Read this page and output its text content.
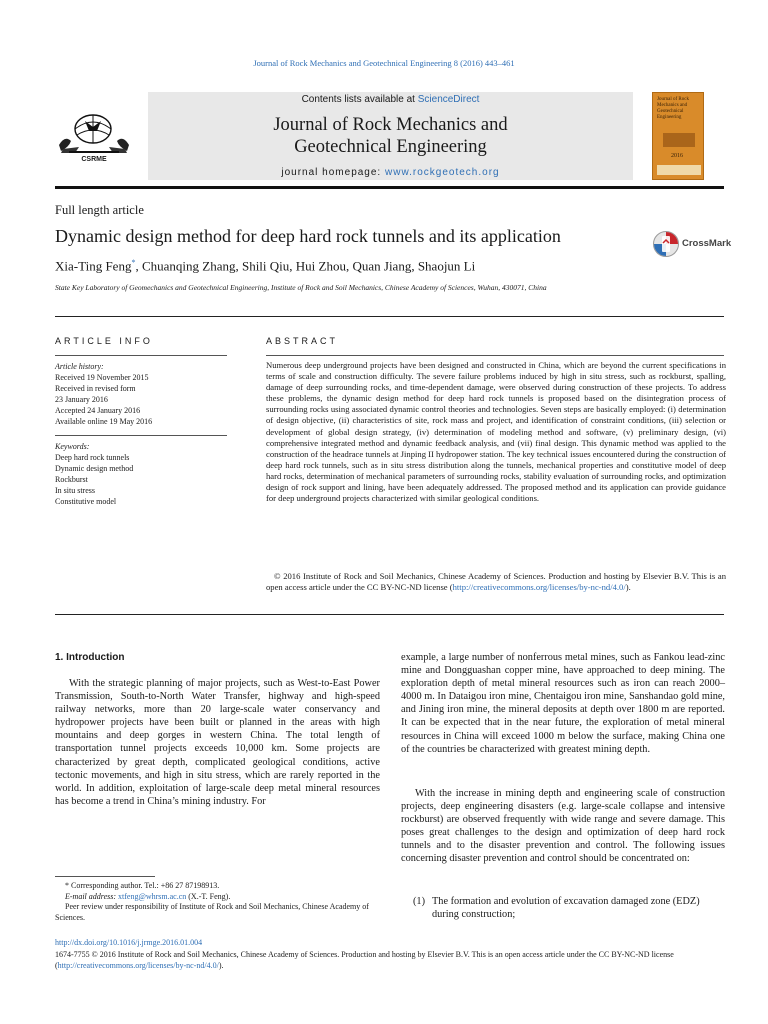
Journal of Rock Mechanics and Geotechnical Engineering 8 (2016) 443–461
CSRME
Contents lists available at ScienceDirect
Journal of Rock Mechanics and
Geotechnical Engineering
journal homepage: www.rockgeotech.org
Journal of Rock Mechanics and Geotechnical Engineering
2016
Full length article
Dynamic design method for deep hard rock tunnels and its application	CrossMark
Xia-Ting Feng*, Chuanqing Zhang, Shili Qiu, Hui Zhou, Quan Jiang, Shaojun Li
State Key Laboratory of Geomechanics and Geotechnical Engineering, Institute of Rock and Soil Mechanics, Chinese Academy of Sciences, Wuhan, 430071, China
ARTICLE INFO	ABSTRACT
Article history:
Received 19 November 2015
Received in revised form
23 January 2016
Accepted 24 January 2016
Available online 19 May 2016
Keywords:
Deep hard rock tunnels
Dynamic design method
Rockburst
In situ stress
Constitutive model
Numerous deep underground projects have been designed and constructed in China, which are beyond the current specifications in terms of scale and construction difficulty. The severe failure problems induced by high in situ stress, such as rockburst, spalling, damage of deep surrounding rocks, and time-dependent damage, were observed during construction of these projects. To address these problems, the dynamic design method for deep hard rock tunnels is proposed based on the disintegration process of surrounding rocks using associated dynamic control theories and technologies. Seven steps are basically employed: (i) determination of design objective, (ii) characteristics of site, rock mass and project, and identification of constraint conditions, (iii) selection or development of global design strategy, (iv) determination of modeling method and software, (v) preliminary design, (vi) comprehensive integrated method and dynamic feedback analysis, and (vii) final design. This dynamic method was applied to the construction of the headrace tunnels at Jinping II hydropower station. The key technical issues encountered during the construction of deep hard rock tunnels, such as in situ stress distribution along the tunnels, mechanical properties and constitutive model of deep hard rocks, determination of mechanical parameters of surrounding rocks, stability evaluation of surrounding rocks, and optimization design of rock support and lining, have been adequately addressed. The proposed method and its application can provide guidance for deep underground projects characterized with similar geological conditions.
© 2016 Institute of Rock and Soil Mechanics, Chinese Academy of Sciences. Production and hosting by Elsevier B.V. This is an open access article under the CC BY-NC-ND license (http://creativecommons.org/licenses/by-nc-nd/4.0/).
1. Introduction
With the strategic planning of major projects, such as West-to-East Power Transmission, South-to-North Water Transfer, highway and high-speed railway networks, more than 20 large-scale water conservancy and hydropower projects have been built or planned in the areas with high mountains and deep gorges in western China. The total length of transportation tunnel projects exceeds 10,000 km. Some projects are characterized by great depth, complicated geological conditions, active tectonic movements, and high in situ stress, which are rarely reported in the world. In addition, exploitation of large-scale deep metal mineral resources has become a trend in China’s mining industry. For
example, a large number of nonferrous metal mines, such as Fankou lead-zinc mine and Dongguashan copper mine, have approached to deep mining. The exploration depth of metal mineral resources such as iron can reach 2000–4000 m. In Dataigou iron mine, Chentaigou iron mine, Sanshandao gold mine, and Jining iron mine, the mineral deposits at depth over 1800 m are reported. It can be expected that in the near future, the exploration of metal mineral resources in China will exceed 1000 m below the surface, making China one of the countries be characterized with greatest mining depth.
With the increase in mining depth and engineering scale of construction projects, deep engineering disasters (e.g. large-scale collapse and intensive rockburst) are observed frequently with wide range and severe damage. This poses great challenges to the design and optimization of deep hard rock tunnels and to the disaster prevention and control. The following issues concerning disaster prevention and control should be concentrated on:
(1) The formation and evolution of excavation damaged zone (EDZ) during construction;
* Corresponding author. Tel.: +86 27 87198913.
E-mail address: xtfeng@whrsm.ac.cn (X.-T. Feng).
Peer review under responsibility of Institute of Rock and Soil Mechanics, Chinese Academy of Sciences.
http://dx.doi.org/10.1016/j.jrmge.2016.01.004
1674-7755 © 2016 Institute of Rock and Soil Mechanics, Chinese Academy of Sciences. Production and hosting by Elsevier B.V. This is an open access article under the CC BY-NC-ND license (http://creativecommons.org/licenses/by-nc-nd/4.0/).
